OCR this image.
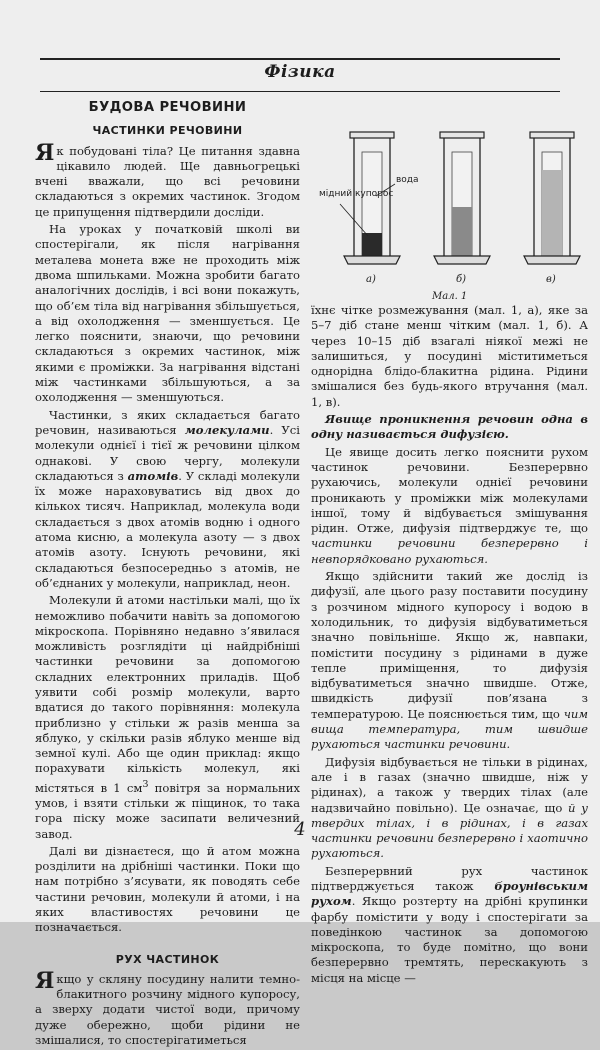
Фізика
БУДОВА РЕЧОВИНИ
ЧАСТИНКИ РЕЧОВИНИ

Як побудовані тіла? Це питання здавна цікавило людей. Ще давньогрецькі вчені вважали, що всі речовини складаються з окремих частинок. Згодом це припущення підтвердили досліди.

На уроках у початковій школі ви спостерігали, як після нагрівання металева монета вже не проходить між двома шпильками. Можна зробити багато аналогічних дослідів, і всі вони покажуть, що об’єм тіла від нагрівання збільшується, а від охолодження — зменшується. Це легко пояснити, знаючи, що речовини складаються з окремих частинок, між якими є проміжки. За нагрівання відстані між частинками збільшуються, а за охолодження — зменшуються.

Частинки, з яких складається багато речовин, називаються молекулами. Усі молекули однієї і тієї ж речовини цілком однакові. У свою чергу, молекули складаються з атомів. У складі молекули їх може нараховуватись від двох до кількох тисяч. Наприклад, молекула води складається з двох атомів водню і одного атома кисню, а молекула азоту — з двох атомів азоту. Існують речовини, які складаються безпосередньо з атомів, не об’єднаних у молекули, наприклад, неон.

Молекули й атоми настільки малі, що їх неможливо побачити навіть за допомогою мікроскопа. Порівняно недавно з’явилася можливість розглядіти ці найдрібніші частинки речовини за допомогою складних електронних приладів. Щоб уявити собі розмір молекули, варто вдатися до такого порівняння: молекула приблизно у стільки ж разів менша за яблуко, у скільки разів яблуко менше від земної кулі. Або ще один приклад: якщо порахувати кількість молекул, які містяться в 1 $см^3$ повітря за нормальних умов, і взяти стільки ж піщинок, то така гора піску може засипати величезний завод.

Далі ви дізнаєтеся, що й атом можна розділити на дрібніші частинки. Поки що нам потрібно з’ясувати, як поводять себе частини речовин, молекули й атоми, і на яких властивостях речовини це позначається.

РУХ ЧАСТИНОК

Якщо у скляну посудину налити темно-блакитного розчину мідного купоросу, а зверху додати чистої води, причому дуже обережно, щоби рідини не змішалися, то спостерігатиметься

мідний купорос
вода
а)	б)	в)
Мал. 1

їхнє чітке розмежування (мал. 1, а), яке за 5–7 діб стане менш чітким (мал. 1, б). А через 10–15 діб взагалі ніякої межі не залишиться, у посудині міститиметься однорідна блідо-блакитна рідина. Рідини змішалися без будь-якого втручання (мал. 1, в).

Явище проникнення речовин одна в одну називається дифузією.

Це явище досить легко пояснити рухом частинок речовини. Безперервно рухаючись, молекули однієї речовини проникають у проміжки між молекулами іншої, тому й відбувається змішування рідин. Отже, дифузія підтверджує те, що частинки речовини безперервно і невпорядковано рухаються.

Якщо здійснити такий же дослід із дифузії, але цього разу поставити посудину з розчином мідного купоросу і водою в холодильник, то дифузія відбуватиметься значно повільніше. Якщо ж, навпаки, помістити посудину з рідинами в дуже тепле приміщення, то дифузія відбуватиметься значно швидше. Отже, швидкість дифузії пов’язана з температурою. Це пояснюється тим, що чим вища температура, тим швидше рухаються частинки речовини.

Дифузія відбувається не тільки в рідинах, але і в газах (значно швидше, ніж у рідинах), а також у твердих тілах (але надзвичайно повільно). Це означає, що й у твердих тілах, і в рідинах, і в газах частинки речовини безперервно і хаотично рухаються.

Безперервний рух частинок підтверджується також броунівським рухом. Якщо розтерту на дрібні крупинки фарбу помістити у воду і спостерігати за поведінкою частинок за допомогою мікроскопа, то буде помітно, що вони безперервно тремтять, перескакують з місця на місце —

4
